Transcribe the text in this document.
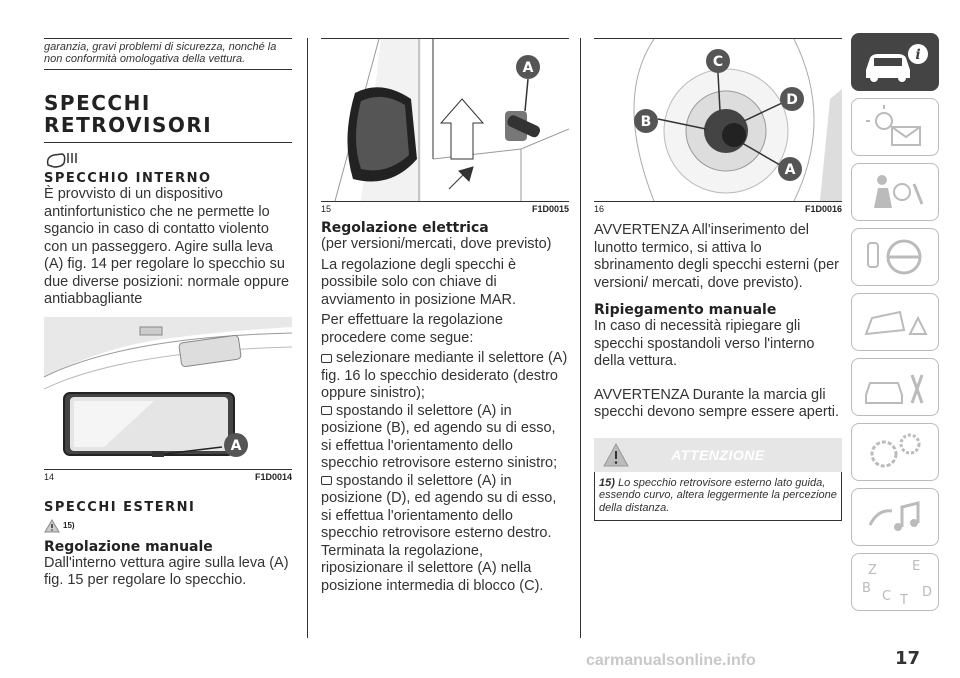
garanzia, gravi problemi di sicurezza, nonché la non conformità omologativa della vettura.
SPECCHI
RETROVISORI
SPECCHIO INTERNO

È provvisto di un dispositivo antinfortunistico che ne permette lo sgancio in caso di contatto violento con un passeggero. Agire sulla leva (A) fig. 14 per regolare lo specchio su due diverse posizioni: normale oppure antiabbagliante

A
14	F1D0014
SPECCHI ESTERNI
15)
Regolazione manuale

Dall'interno vettura agire sulla leva (A) fig. 15 per regolare lo specchio.

A
15	F1D0015
Regolazione elettrica

(per versioni/mercati, dove previsto)

La regolazione degli specchi è possibile solo con chiave di avviamento in posizione MAR.

Per effettuare la regolazione procedere come segue:

selezionare mediante il selettore (A) fig. 16 lo specchio desiderato (destro oppure sinistro);

spostando il selettore (A) in posizione (B), ed agendo su di esso, si effettua l'orientamento dello specchio retrovisore esterno sinistro;

spostando il selettore (A) in posizione (D), ed agendo su di esso, si effettua l'orientamento dello specchio retrovisore esterno destro. Terminata la regolazione, riposizionare il selettore (A) nella posizione intermedia di blocco (C).

B
C
D
A
16	F1D0016

AVVERTENZA All'inserimento del lunotto termico, si attiva lo sbrinamento degli specchi esterni (per versioni/ mercati, dove previsto).

Ripiegamento manuale

In caso di necessità ripiegare gli specchi spostandoli verso l'interno della vettura.

AVVERTENZA Durante la marcia gli specchi devono sempre essere aperti.

ATTENZIONE
15) Lo specchio retrovisore esterno lato guida, essendo curvo, altera leggermente la percezione della distanza.
i
Z	E
B
C T
D
17
carmanualsonline.info
